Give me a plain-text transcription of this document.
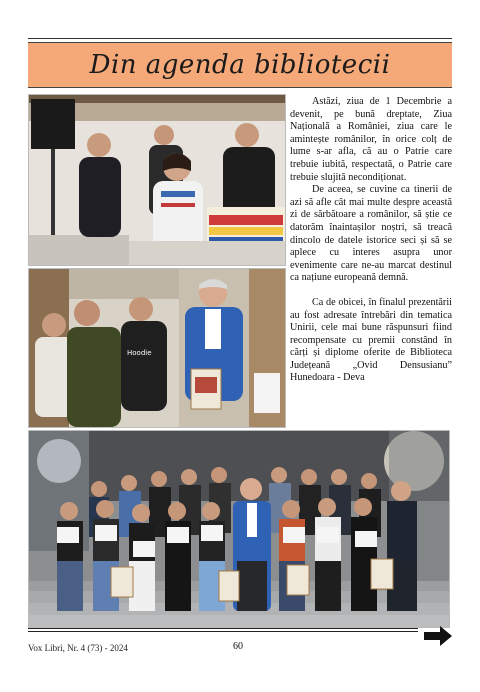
Din agenda bibliotecii
Hoodie

Astăzi, ziua de 1 Decembrie a devenit, pe bună dreptate, Ziua Națională a României, ziua care le amintește românilor, în orice colț de lume s-ar afla, că au o Patrie care trebuie iubită, respectată, o Patrie care trebuie slujită necondiționat.

De aceea, se cuvine ca tinerii de azi să afle cât mai multe despre această zi de sărbătoare a românilor, să știe ce datorăm înaintașilor noștri, să treacă dincolo de datele istorice seci și să se aplece cu interes asupra unor evenimente care ne-au marcat destinul ca națiune europeană demnă.

Ca de obicei, în finalul prezentării au fost adresate întrebări din tematica Unirii, cele mai bune răspunsuri fiind recompensate cu premii constând în cărți și diplome oferite de Biblioteca Județeană „Ovid Densusianu” Hunedoara - Deva

Vox Libri, Nr. 4 (73) - 2024	60
